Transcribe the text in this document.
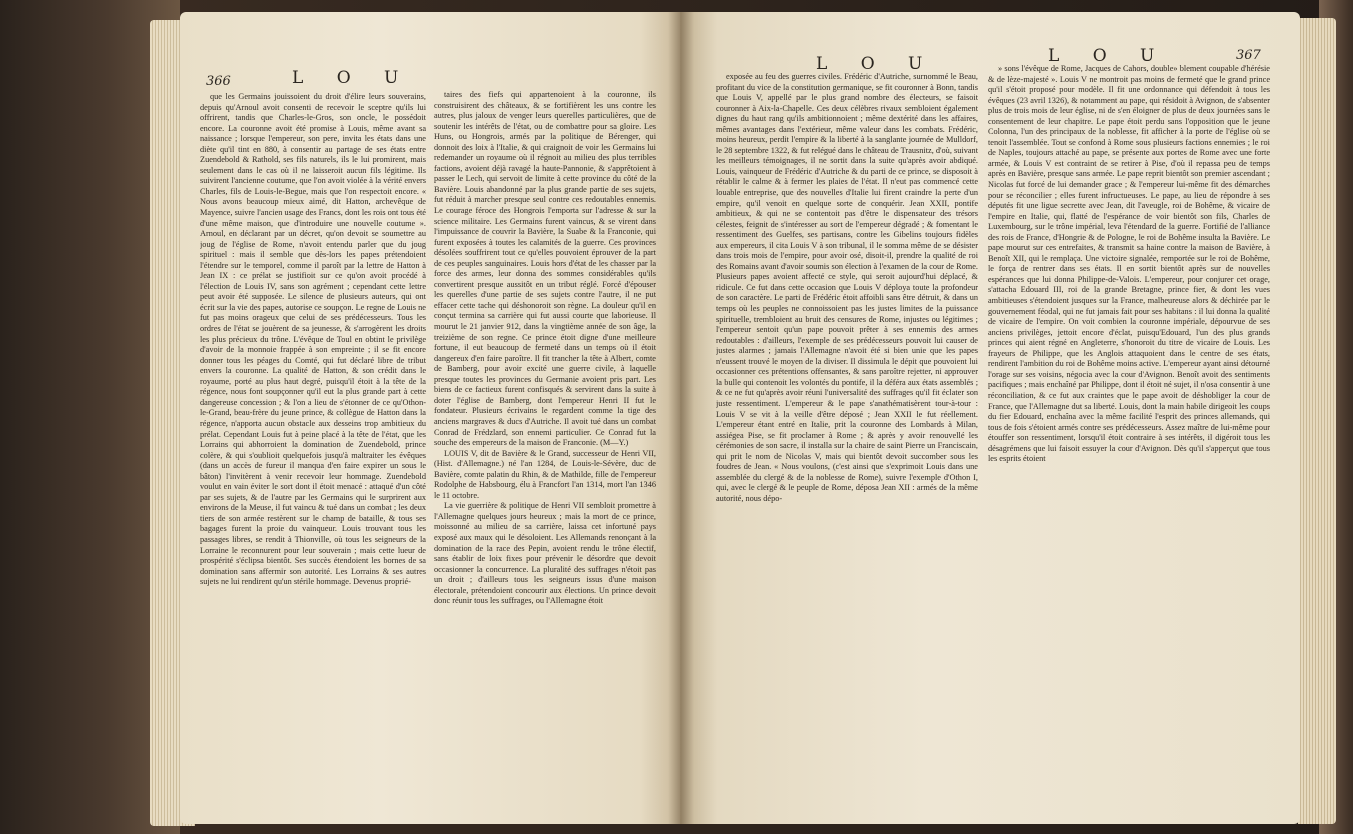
366	L O U

que les Germains jouissoient du droit d'élire leurs souverains, depuis qu'Arnoul avoit consenti de recevoir le sceptre qu'ils lui offrirent, tandis que Charles-le-Gros, son oncle, le possédoit encore. La couronne avoit été promise à Louis, même avant sa naissance ; lorsque l'empereur, son pere, invita les états dans une diète qu'il tint en 880, à consentir au partage de ses états entre Zuendebold & Rathold, ses fils naturels, ils le lui promirent, mais seulement dans le cas où il ne laisseroit aucun fils légitime. Ils suivirent l'ancienne coutume, que l'on avoit violée à la vérité envers Charles, fils de Louis-le-Begue, mais que l'on respectoit encore. « Nous avons beaucoup mieux aimé, dit Hatton, archevêque de Mayence, suivre l'ancien usage des Francs, dont les rois ont tous été d'une même maison, que d'introduire une nouvelle coutume ». Arnoul, en déclarant par un décret, qu'on devoit se soumettre au joug de l'église de Rome, n'avoit entendu parler que du joug spirituel : mais il semble que dès-lors les papes prétendoient l'étendre sur le temporel, comme il paroît par la lettre de Hatton à Jean IX : ce prélat se justifioit sur ce qu'on avoit procédé à l'élection de Louis IV, sans son agrément ; cependant cette lettre peut avoir été supposée. Le silence de plusieurs auteurs, qui ont écrit sur la vie des papes, autorise ce soupçon. Le regne de Louis ne fut pas moins orageux que celui de ses prédécesseurs. Tous les ordres de l'état se jouèrent de sa jeunesse, & s'arrogèrent les droits les plus précieux du trône. L'évêque de Toul en obtint le privilège d'avoir de la monnoie frappée à son empreinte ; il se fit encore donner tous les péages du Comté, qui fut déclaré libre de tribut envers la couronne. La qualité de Hatton, & son crédit dans le royaume, porté au plus haut degré, puisqu'il étoit à la tête de la régence, nous font soupçonner qu'il eut la plus grande part à cette dangereuse concession ; & l'on a lieu de s'étonner de ce qu'Othon-le-Grand, beau-frère du jeune prince, & collègue de Hatton dans la régence, n'apporta aucun obstacle aux desseins trop ambitieux du prélat. Cependant Louis fut à peine placé à la tête de l'état, que les Lorrains qui abhorroient la domination de Zuendebold, prince colère, & qui s'oublioit quelquefois jusqu'à maltraiter les évêques (dans un accès de fureur il manqua d'en faire expirer un sous le bâton) l'invitèrent à venir recevoir leur hommage. Zuendebold voulut en vain éviter le sort dont il étoit menacé : attaqué d'un côté par ses sujets, & de l'autre par les Germains qui le surprirent aux environs de la Meuse, il fut vaincu & tué dans un combat ; les deux tiers de son armée restèrent sur le champ de bataille, & tous ses bagages furent la proie du vainqueur. Louis trouvant tous les passages libres, se rendit à Thionville, où tous les seigneurs de la Lorraine le reconnurent pour leur souverain ; mais cette lueur de prospérité s'éclipsa bientôt. Ses succès étendoient les bornes de sa domination sans affermir son autorité. Les Lorrains & ses autres sujets ne lui rendirent qu'un stérile hommage. Devenus proprié-

taires des fiefs qui appartenoient à la couronne, ils construisirent des châteaux, & se fortifièrent les uns contre les autres, plus jaloux de venger leurs querelles particulières, que de soutenir les intérêts de l'état, ou de combattre pour sa gloire. Les Huns, ou Hongrois, armés par la politique de Bérenger, qui donnoit des loix à l'Italie, & qui craignoit de voir les Germains lui redemander un royaume où il régnoit au milieu des plus terribles factions, avoient déjà ravagé la haute-Pannonie, & s'apprêtoient à passer le Lech, qui servoit de limite à cette province du côté de la Bavière. Louis abandonné par la plus grande partie de ses sujets, fut réduit à marcher presque seul contre ces redoutables ennemis. Le courage féroce des Hongrois l'emporta sur l'adresse & sur la science militaire. Les Germains furent vaincus, & se virent dans l'impuissance de couvrir la Bavière, la Suabe & la Franconie, qui furent exposées à toutes les calamités de la guerre. Ces provinces désolées souffrirent tout ce qu'elles pouvoient éprouver de la part de ces peuples sanguinaires. Louis hors d'état de les chasser par la force des armes, leur donna des sommes considérables qu'ils convertirent presque aussitôt en un tribut réglé. Forcé d'épouser les querelles d'une partie de ses sujets contre l'autre, il ne put effacer cette tache qui déshonoroit son règne. La douleur qu'il en conçut termina sa carrière qui fut aussi courte que laborieuse. Il mourut le 21 janvier 912, dans la vingtième année de son âge, la treizième de son regne. Ce prince étoit digne d'une meilleure fortune, il eut beaucoup de fermeté dans un temps où il étoit dangereux d'en faire paroître. Il fit trancher la tête à Albert, comte de Bamberg, pour avoir excité une guerre civile, à laquelle presque toutes les provinces du Germanie avoient pris part. Les biens de ce factieux furent confisqués & servirent dans la suite à doter l'église de Bamberg, dont l'empereur Henri II fut le fondateur. Plusieurs écrivains le regardent comme la tige des anciens margraves & ducs d'Autriche. Il avoit tué dans un combat Conrad de Frédzlard, son ennemi particulier. Ce Conrad fut la souche des empereurs de la maison de Franconie. (M—Y.)

LOUIS V, dit de Bavière & le Grand, successeur de Henri VII, (Hist. d'Allemagne.) né l'an 1284, de Louis-le-Sévère, duc de Bavière, comte palatin du Rhin, & de Mathilde, fille de l'empereur Rodolphe de Habsbourg, élu à Francfort l'an 1314, mort l'an 1346 le 11 octobre.

La vie guerrière & politique de Henri VII sembloit promettre à l'Allemagne quelques jours heureux ; mais la mort de ce prince, moissonné au milieu de sa carrière, laissa cet infortuné pays exposé aux maux qui le désoloient. Les Allemands renonçant à la domination de la race des Pepin, avoient rendu le trône électif, sans établir de loix fixes pour prévenir le désordre que devoit occasionner la concurrence. La pluralité des suffrages n'étoit pas un droit ; d'ailleurs tous les seigneurs issus d'une maison électorale, prétendoient concourir aux élections. Un prince devoit donc réunir tous les suffrages, ou l'Allemagne étoit

L O U	L O U	367

exposée au feu des guerres civiles. Frédéric d'Autriche, surnommé le Beau, profitant du vice de la constitution germanique, se fit couronner à Bonn, tandis que Louis V, appellé par le plus grand nombre des électeurs, se faisoit couronner à Aix-la-Chapelle. Ces deux célèbres rivaux sembloient également dignes du haut rang qu'ils ambitionnoient ; même dextérité dans les affaires, mêmes avantages dans l'extérieur, même valeur dans les combats. Frédéric, moins heureux, perdit l'empire & la liberté à la sanglante journée de Mulldorf, le 28 septembre 1322, & fut relégué dans le château de Trausnitz, d'où, suivant les meilleurs témoignages, il ne sortit dans la suite qu'après avoir abdiqué. Louis, vainqueur de Frédéric d'Autriche & du parti de ce prince, se disposoit à rétablir le calme & à fermer les plaies de l'état. Il n'eut pas commencé cette louable entreprise, que des nouvelles d'Italie lui firent craindre la perte d'un empire, qu'il venoit en quelque sorte de conquérir. Jean XXII, pontife ambitieux, & qui ne se contentoit pas d'être le dispensateur des trésors célestes, feignit de s'intéresser au sort de l'empereur dégradé ; & fomentant le ressentiment des Guelfes, ses partisans, contre les Gibelins toujours fidèles aux empereurs, il cita Louis V à son tribunal, il le somma même de se désister dans trois mois de l'empire, pour avoir osé, disoit-il, prendre la qualité de roi des Romains avant d'avoir soumis son élection à l'examen de la cour de Rome. Plusieurs papes avoient affecté ce style, qui seroit aujourd'hui déplacé, & ridicule. Ce fut dans cette occasion que Louis V déploya toute la profondeur de son caractère. Le parti de Frédéric étoit affoibli sans être détruit, & dans un temps où les peuples ne connoissoient pas les justes limites de la puissance spirituelle, trembloient au bruit des censures de Rome, injustes ou légitimes ; l'empereur sentoit qu'un pape pouvoit prêter à ses ennemis des armes redoutables : d'ailleurs, l'exemple de ses prédécesseurs pouvoit lui causer de justes alarmes ; jamais l'Allemagne n'avoit été si bien unie que les papes n'eussent trouvé le moyen de la diviser. Il dissimula le dépit que pouvoient lui occasionner ces prétentions offensantes, & sans paroître rejetter, ni approuver la bulle qui contenoit les volontés du pontife, il la déféra aux états assemblés ; & ce ne fut qu'après avoir réuni l'universalité des suffrages qu'il fit éclater son juste ressentiment. L'empereur & le pape s'anathématisèrent tour-à-tour : Louis V se vit à la veille d'être déposé ; Jean XXII le fut réellement. L'empereur étant entré en Italie, prit la couronne des Lombards à Milan, assiégea Pise, se fit proclamer à Rome ; & après y avoir renouvellé les cérémonies de son sacre, il installa sur la chaire de saint Pierre un Franciscain, qui prit le nom de Nicolas V, mais qui bientôt devoit succomber sous les foudres de Jean. « Nous voulons, (c'est ainsi que s'exprimoit Louis dans une assemblée du clergé & de la noblesse de Rome), suivre l'exemple d'Othon I, qui, avec le clergé & le peuple de Rome, déposa Jean XII : armés de la même autorité, nous dépo-

» sons l'évêque de Rome, Jacques de Cahors, double» blement coupable d'hérésie & de lèze-majesté ». Louis V ne montroit pas moins de fermeté que le grand prince qu'il s'étoit proposé pour modèle. Il fit une ordonnance qui défendoit à tous les évêques (23 avril 1326), & notamment au pape, qui résidoit à Avignon, de s'absenter plus de trois mois de leur église, ni de s'en éloigner de plus de deux journées sans le consentement de leur chapitre. Le pape étoit perdu sans l'opposition que le jeune Colonna, l'un des principaux de la noblesse, fit afficher à la porte de l'église où se tenoit l'assemblée. Tout se confond à Rome sous plusieurs factions ennemies ; le roi de Naples, toujours attaché au pape, se présente aux portes de Rome avec une forte armée, & Louis V est contraint de se retirer à Pise, d'où il repassa peu de temps après en Bavière, presque sans armée. Le pape reprit bientôt son premier ascendant ; Nicolas fut forcé de lui demander grace ; & l'empereur lui-même fit des démarches pour se réconcilier ; elles furent infructueuses. Le pape, au lieu de répondre à ses députés fit une ligue secrette avec Jean, dit l'aveugle, roi de Bohême, & vicaire de l'empire en Italie, qui, flatté de l'espérance de voir bientôt son fils, Charles de Luxembourg, sur le trône impérial, leva l'étendard de la guerre. Fortifié de l'alliance des rois de France, d'Hongrie & de Pologne, le roi de Bohême insulta la Bavière. Le pape mourut sur ces entrefaites, & transmit sa haine contre la maison de Bavière, à Benoît XII, qui le remplaça. Une victoire signalée, remportée sur le roi de Bohême, le força de rentrer dans ses états. Il en sortit bientôt après sur de nouvelles espérances que lui donna Philippe-de-Valois. L'empereur, pour conjurer cet orage, s'attacha Edouard III, roi de la grande Bretagne, prince fier, & dont les vues ambitieuses s'étendoient jusques sur la France, malheureuse alors & déchirée par le gouvernement féodal, qui ne fut jamais fait pour ses habitans : il lui donna la qualité de vicaire de l'empire. On voit combien la couronne impériale, dépourvue de ses anciens privilèges, jettoit encore d'éclat, puisqu'Edouard, l'un des plus grands princes qui aient régné en Angleterre, s'honoroit du titre de vicaire de Louis. Les frayeurs de Philippe, que les Anglois attaquoient dans le centre de ses états, rendirent l'ambition du roi de Bohême moins active. L'empereur ayant ainsi détourné l'orage sur ses voisins, négocia avec la cour d'Avignon. Benoît avoit des sentiments pacifiques ; mais enchaîné par Philippe, dont il étoit né sujet, il n'osa consentir à une réconciliation, & ce fut aux craintes que le pape avoit de déshobliger la cour de France, que l'Allemagne dut sa liberté. Louis, dont la main habile dirigeoit les coups du fier Edouard, enchaîna avec la même facilité l'esprit des princes allemands, qui tous de fois s'étoient armés contre ses prédécesseurs. Assez maître de lui-même pour étouffer son ressentiment, lorsqu'il étoit contraire à ses intérêts, il digéroit tous les désagrémens que lui faisoit essuyer la cour d'Avignon. Dès qu'il s'apperçut que tous les esprits étoient
